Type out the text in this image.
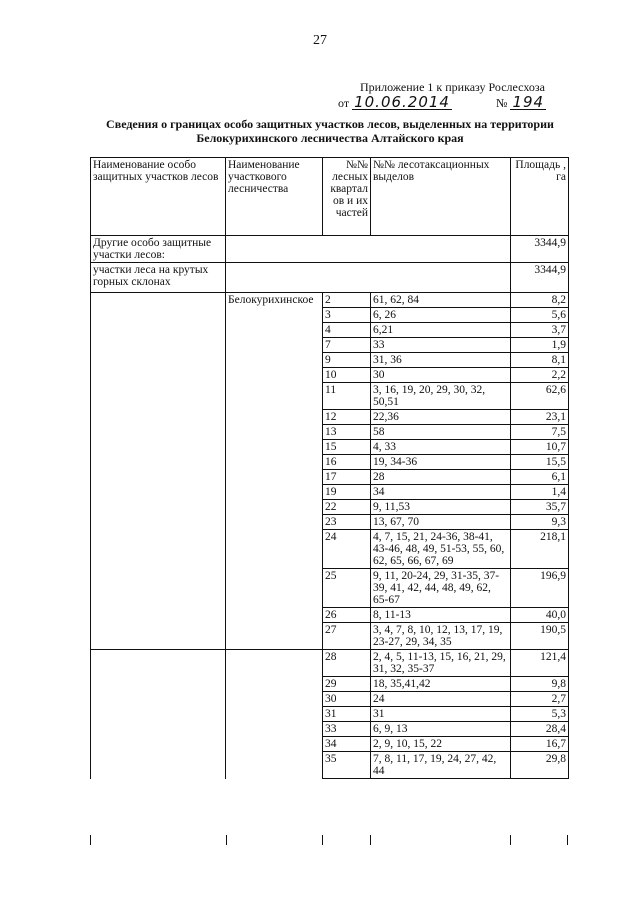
27
Приложение 1 к приказу Рослесхоза
от 10.06.2014	№ 194
Сведения о границах особо защитных участков лесов, выделенных на территории
Белокурихинского лесничества Алтайского края
Наименование особо защитных участков лесов	Наименование участкового лесничества	№№ лесных квартал ов и их частей	№№ лесотаксационных выделов	Площадь , га
Другие особо защитные участки лесов:				3344,9
участки леса на крутых горных склонах				3344,9
	Белокурихинское	2	61, 62, 84	8,2
		3	6, 26	5,6
		4	6,21	3,7
		7	33	1,9
		9	31, 36	8,1
		10	30	2,2
		11	3, 16, 19, 20, 29, 30, 32, 50,51	62,6
		12	22,36	23,1
		13	58	7,5
		15	4, 33	10,7
		16	19, 34-36	15,5
		17	28	6,1
		19	34	1,4
		22	9, 11,53	35,7
		23	13, 67, 70	9,3
		24	4, 7, 15, 21, 24-36, 38-41, 43-46, 48, 49, 51-53, 55, 60, 62, 65, 66, 67, 69	218,1
		25	9, 11, 20-24, 29, 31-35, 37-39, 41, 42, 44, 48, 49, 62, 65-67	196,9
		26	8, 11-13	40,0
		27	3, 4, 7, 8, 10, 12, 13, 17, 19, 23-27, 29, 34, 35	190,5
		28	2, 4, 5, 11-13, 15, 16, 21, 29, 31, 32, 35-37	121,4
		29	18, 35,41,42	9,8
		30	24	2,7
		31	31	5,3
		33	6, 9, 13	28,4
		34	2, 9, 10, 15, 22	16,7
		35	7, 8, 11, 17, 19, 24, 27, 42, 44	29,8
